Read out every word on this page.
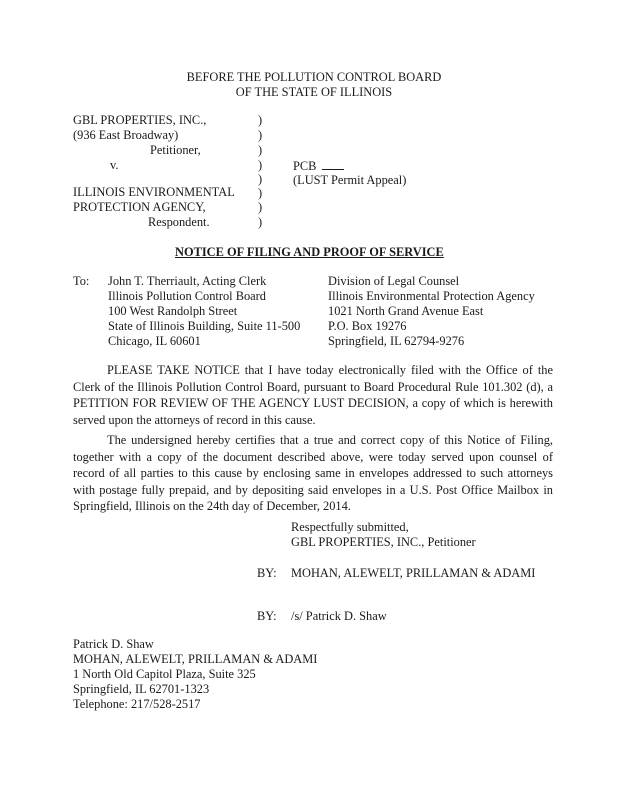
BEFORE THE POLLUTION CONTROL BOARD
OF THE STATE OF ILLINOIS
GBL PROPERTIES, INC.,
(936 East Broadway)
Petitioner,
v.
ILLINOIS ENVIRONMENTAL
PROTECTION AGENCY,
Respondent.
)
)
)
)
)
)
)
)
PCB
(LUST Permit Appeal)
NOTICE OF FILING AND PROOF OF SERVICE
To: John T. Therriault, Acting Clerk
Illinois Pollution Control Board
100 West Randolph Street
State of Illinois Building, Suite 11-500
Chicago, IL 60601
Division of Legal Counsel
Illinois Environmental Protection Agency
1021 North Grand Avenue East
P.O. Box 19276
Springfield, IL 62794-9276
PLEASE TAKE NOTICE that I have today electronically filed with the Office of the Clerk of the Illinois Pollution Control Board, pursuant to Board Procedural Rule 101.302 (d), a PETITION FOR REVIEW OF THE AGENCY LUST DECISION, a copy of which is herewith served upon the attorneys of record in this cause.
The undersigned hereby certifies that a true and correct copy of this Notice of Filing, together with a copy of the document described above, were today served upon counsel of record of all parties to this cause by enclosing same in envelopes addressed to such attorneys with postage fully prepaid, and by depositing said envelopes in a U.S. Post Office Mailbox in Springfield, Illinois on the 24th day of December, 2014.
Respectfully submitted,
GBL PROPERTIES, INC., Petitioner
BY: MOHAN, ALEWELT, PRILLAMAN & ADAMI
BY: /s/ Patrick D. Shaw
Patrick D. Shaw
MOHAN, ALEWELT, PRILLAMAN & ADAMI
1 North Old Capitol Plaza, Suite 325
Springfield, IL 62701-1323
Telephone: 217/528-2517
